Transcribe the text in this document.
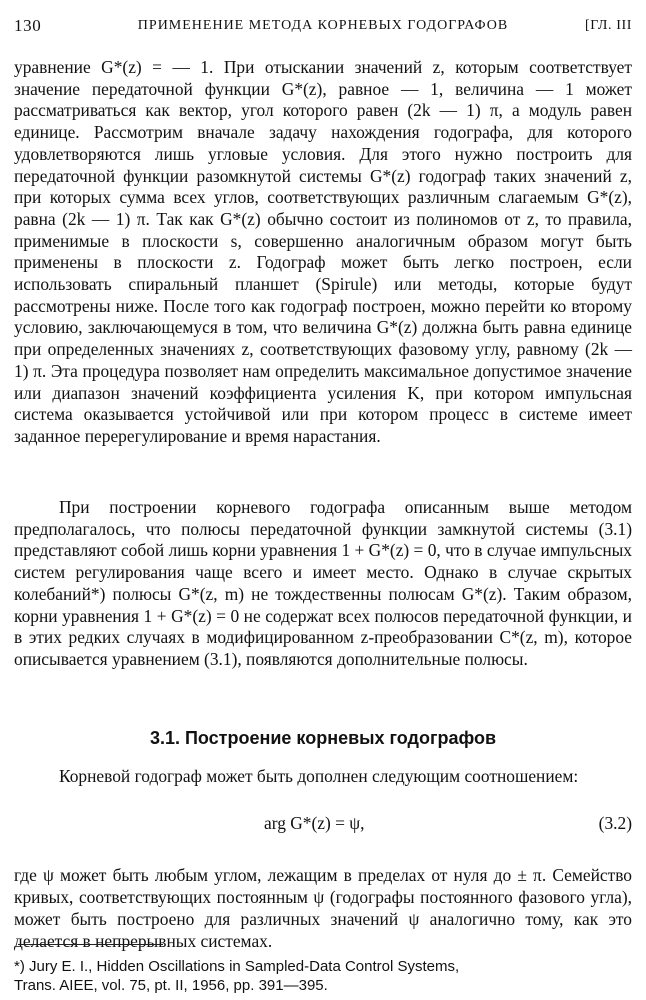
130	ПРИМЕНЕНИЕ МЕТОДА КОРНЕВЫХ ГОДОГРАФОВ	[ГЛ. III

уравнение G*(z) = — 1. При отыскании значений z, которым соответствует значение передаточной функции G*(z), равное — 1, величина — 1 может рассматриваться как вектор, угол которого равен (2k — 1) π, а модуль равен единице. Рассмотрим вначале задачу нахождения годографа, для которого удовлетворяются лишь угловые условия. Для этого нужно построить для передаточной функции разомкнутой системы G*(z) годограф таких значений z, при которых сумма всех углов, соответствующих различным слагаемым G*(z), равна (2k — 1) π. Так как G*(z) обычно состоит из полиномов от z, то правила, применимые в плоскости s, совершенно аналогичным образом могут быть применены в плоскости z. Годограф может быть легко построен, если использовать спиральный планшет (Spirule) или методы, которые будут рассмотрены ниже. После того как годограф построен, можно перейти ко второму условию, заключающемуся в том, что величина G*(z) должна быть равна единице при определенных значениях z, соответствующих фазовому углу, равному (2k — 1) π. Эта процедура позволяет нам определить максимальное допустимое значение или диапазон значений коэффициента усиления K, при котором импульсная система оказывается устойчивой или при котором процесс в системе имеет заданное перерегулирование и время нарастания.

При построении корневого годографа описанным выше методом предполагалось, что полюсы передаточной функции замкнутой системы (3.1) представляют собой лишь корни уравнения 1 + G*(z) = 0, что в случае импульсных систем регулирования чаще всего и имеет место. Однако в случае скрытых колебаний*) полюсы G*(z, m) не тождественны полюсам G*(z). Таким образом, корни уравнения 1 + G*(z) = 0 не содержат всех полюсов передаточной функции, и в этих редких случаях в модифицированном z-преобразовании C*(z, m), которое описывается уравнением (3.1), появляются дополнительные полюсы.

3.1. Построение корневых годографов

Корневой годограф может быть дополнен следующим соотношением:

arg G*(z) = ψ,	(3.2)

где ψ может быть любым углом, лежащим в пределах от нуля до ± π. Семейство кривых, соответствующих постоянным ψ (годографы постоянного фазового угла), может быть построено для различных значений ψ аналогично тому, как это делается в непрерывных системах.

*) Jury E. I., Hidden Oscillations in Sampled-Data Control Systems,
Trans. AIEE, vol. 75, pt. II, 1956, pp. 391—395.
